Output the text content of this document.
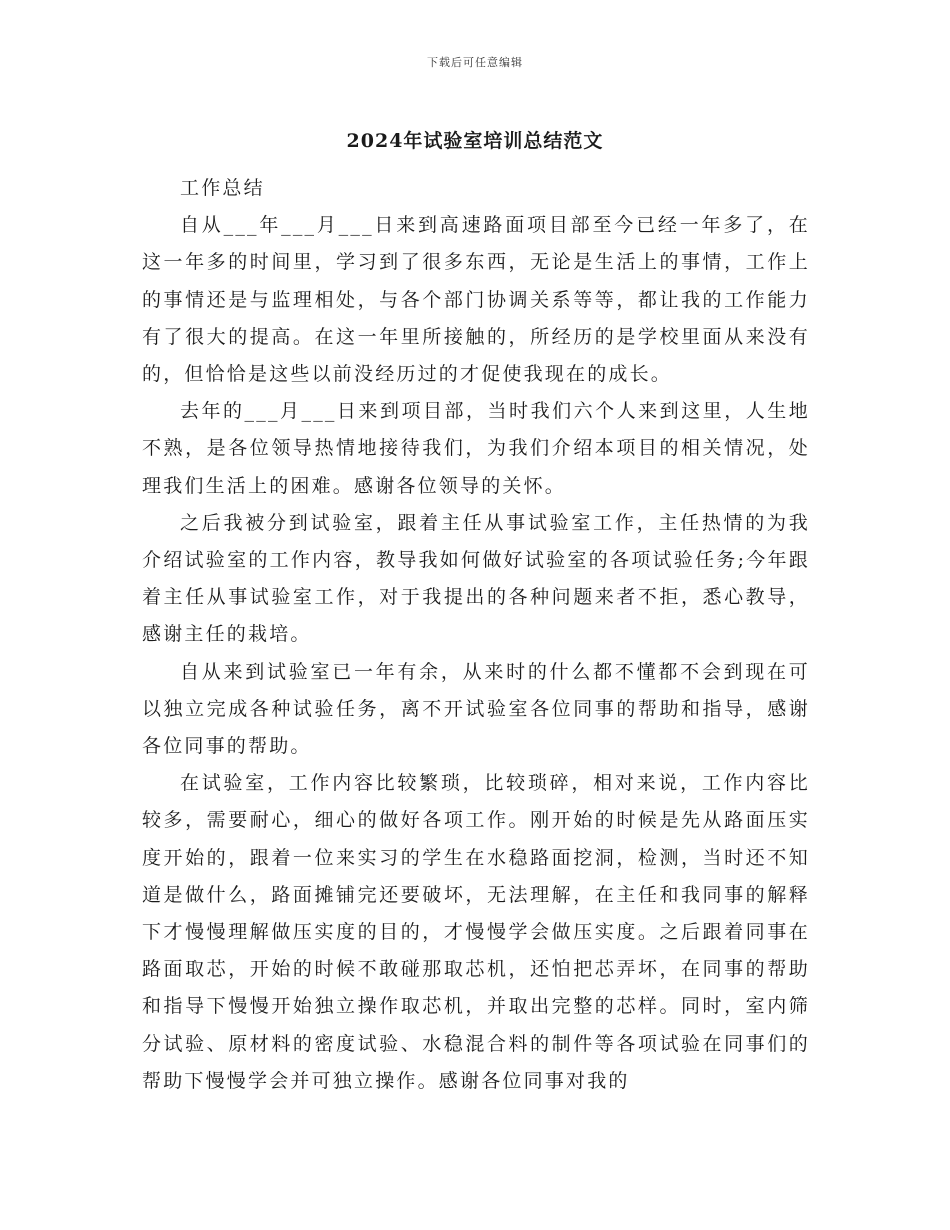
下载后可任意编辑
2024年试验室培训总结范文

工作总结

自从___年___月___日来到高速路面项目部至今已经一年多了，在这一年多的时间里，学习到了很多东西，无论是生活上的事情，工作上的事情还是与监理相处，与各个部门协调关系等等，都让我的工作能力有了很大的提高。在这一年里所接触的，所经历的是学校里面从来没有的，但恰恰是这些以前没经历过的才促使我现在的成长。

去年的___月___日来到项目部，当时我们六个人来到这里，人生地不熟，是各位领导热情地接待我们，为我们介绍本项目的相关情况，处理我们生活上的困难。感谢各位领导的关怀。

之后我被分到试验室，跟着主任从事试验室工作，主任热情的为我介绍试验室的工作内容，教导我如何做好试验室的各项试验任务;今年跟着主任从事试验室工作，对于我提出的各种问题来者不拒，悉心教导，感谢主任的栽培。

自从来到试验室已一年有余，从来时的什么都不懂都不会到现在可以独立完成各种试验任务，离不开试验室各位同事的帮助和指导，感谢各位同事的帮助。

在试验室，工作内容比较繁琐，比较琐碎，相对来说，工作内容比较多，需要耐心，细心的做好各项工作。刚开始的时候是先从路面压实度开始的，跟着一位来实习的学生在水稳路面挖洞，检测，当时还不知道是做什么，路面摊铺完还要破坏，无法理解，在主任和我同事的解释下才慢慢理解做压实度的目的，才慢慢学会做压实度。之后跟着同事在路面取芯，开始的时候不敢碰那取芯机，还怕把芯弄坏，在同事的帮助和指导下慢慢开始独立操作取芯机，并取出完整的芯样。同时，室内筛分试验、原材料的密度试验、水稳混合料的制件等各项试验在同事们的帮助下慢慢学会并可独立操作。感谢各位同事对我的
